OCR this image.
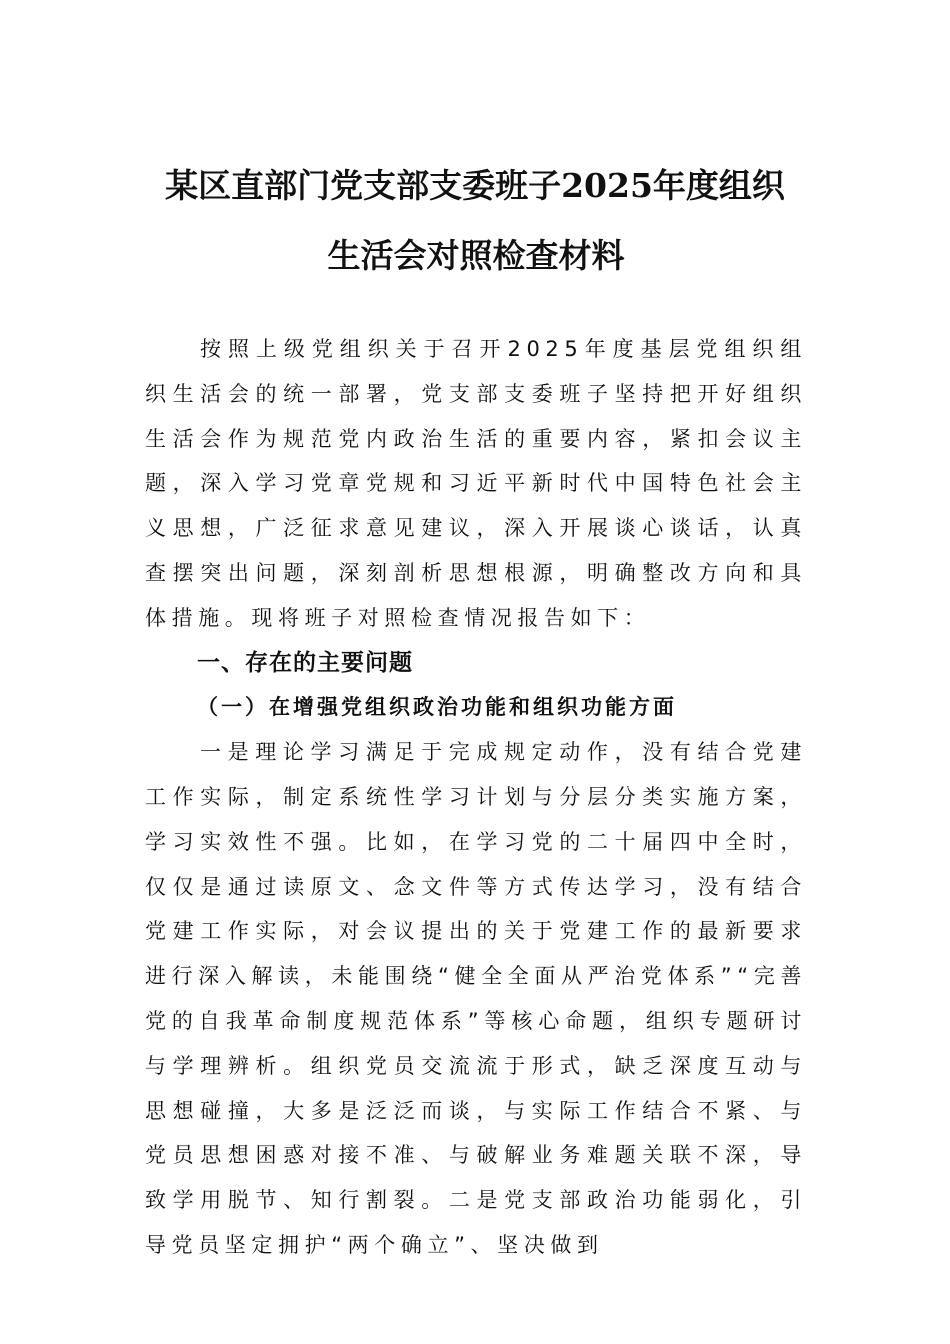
某区直部门党支部支委班子2025年度组织
生活会对照检查材料

按照上级党组织关于召开2025年度基层党组织组织生活会的统一部署，党支部支委班子坚持把开好组织生活会作为规范党内政治生活的重要内容，紧扣会议主题，深入学习党章党规和习近平新时代中国特色社会主义思想，广泛征求意见建议，深入开展谈心谈话，认真查摆突出问题，深刻剖析思想根源，明确整改方向和具体措施。现将班子对照检查情况报告如下：

一、存在的主要问题
（一）在增强党组织政治功能和组织功能方面

一是理论学习满足于完成规定动作，没有结合党建工作实际，制定系统性学习计划与分层分类实施方案，学习实效性不强。比如，在学习党的二十届四中全时，仅仅是通过读原文、念文件等方式传达学习，没有结合党建工作实际，对会议提出的关于党建工作的最新要求进行深入解读，未能围绕“健全全面从严治党体系”“完善党的自我革命制度规范体系”等核心命题，组织专题研讨与学理辨析。组织党员交流流于形式，缺乏深度互动与思想碰撞，大多是泛泛而谈，与实际工作结合不紧、与党员思想困惑对接不准、与破解业务难题关联不深，导致学用脱节、知行割裂。二是党支部政治功能弱化，引导党员坚定拥护“两个确立”、坚决做到
